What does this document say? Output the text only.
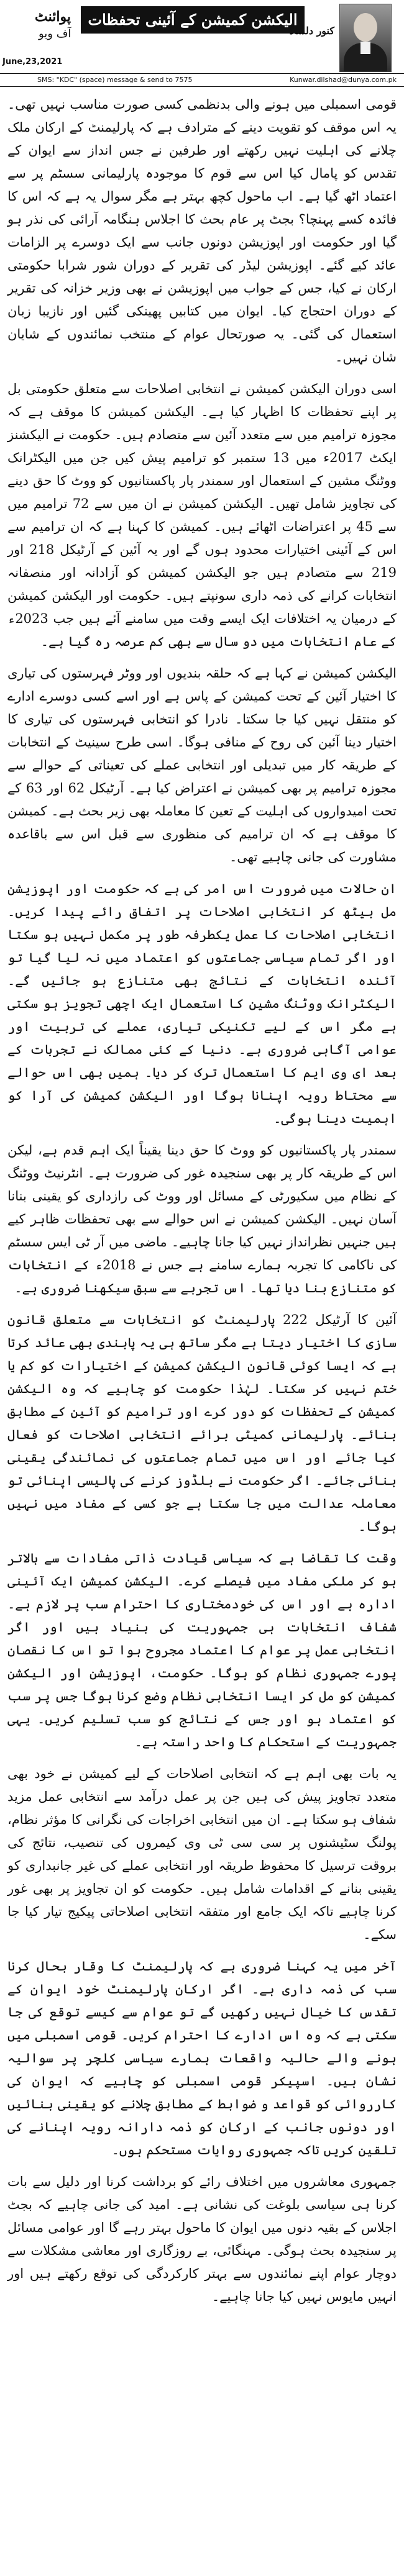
پوائنٹ
آف ویو
June,23,2021
الیکشن کمیشن کے آئینی تحفظات
کنور دلشاد
SMS: "KDC" (space) message & send to 7575	Kunwar.dilshad@dunya.com.pk

قومی اسمبلی میں ہونے والی بدنظمی کسی صورت مناسب نہیں تھی۔ یہ اس موقف کو تقویت دینے کے مترادف ہے کہ پارلیمنٹ کے ارکان ملک چلانے کی اہلیت نہیں رکھتے اور طرفین نے جس انداز سے ایوان کے تقدس کو پامال کیا اس سے قوم کا موجودہ پارلیمانی سسٹم پر سے اعتماد اٹھ گیا ہے۔ اب ماحول کچھ بہتر ہے مگر سوال یہ ہے کہ اس کا فائدہ کسے پہنچا؟ بجٹ پر عام بحث کا اجلاس ہنگامہ آرائی کی نذر ہو گیا اور حکومت اور اپوزیشن دونوں جانب سے ایک دوسرے پر الزامات عائد کیے گئے۔ اپوزیشن لیڈر کی تقریر کے دوران شور شرابا حکومتی ارکان نے کیا، جس کے جواب میں اپوزیشن نے بھی وزیر خزانہ کی تقریر کے دوران احتجاج کیا۔ ایوان میں کتابیں پھینکی گئیں اور نازیبا زبان استعمال کی گئی۔ یہ صورتحال عوام کے منتخب نمائندوں کے شایان شان نہیں۔

اسی دوران الیکشن کمیشن نے انتخابی اصلاحات سے متعلق حکومتی بل پر اپنے تحفظات کا اظہار کیا ہے۔ الیکشن کمیشن کا موقف ہے کہ مجوزہ ترامیم میں سے متعدد آئین سے متصادم ہیں۔ حکومت نے الیکشنز ایکٹ 2017ء میں 13 ستمبر کو ترامیم پیش کیں جن میں الیکٹرانک ووٹنگ مشین کے استعمال اور سمندر پار پاکستانیوں کو ووٹ کا حق دینے کی تجاویز شامل تھیں۔ الیکشن کمیشن نے ان میں سے 72 ترامیم میں سے 45 پر اعتراضات اٹھائے ہیں۔ کمیشن کا کہنا ہے کہ ان ترامیم سے اس کے آئینی اختیارات محدود ہوں گے اور یہ آئین کے آرٹیکل 218 اور 219 سے متصادم ہیں جو الیکشن کمیشن کو آزادانہ اور منصفانہ انتخابات کرانے کی ذمہ داری سونپتے ہیں۔ حکومت اور الیکشن کمیشن کے درمیان یہ اختلافات ایک ایسے وقت میں سامنے آئے ہیں جب 2023ء کے عام انتخابات میں دو سال سے بھی کم عرصہ رہ گیا ہے۔

الیکشن کمیشن نے کہا ہے کہ حلقہ بندیوں اور ووٹر فہرستوں کی تیاری کا اختیار آئین کے تحت کمیشن کے پاس ہے اور اسے کسی دوسرے ادارے کو منتقل نہیں کیا جا سکتا۔ نادرا کو انتخابی فہرستوں کی تیاری کا اختیار دینا آئین کی روح کے منافی ہوگا۔ اسی طرح سینیٹ کے انتخابات کے طریقہ کار میں تبدیلی اور انتخابی عملے کی تعیناتی کے حوالے سے مجوزہ ترامیم پر بھی کمیشن نے اعتراض کیا ہے۔ آرٹیکل 62 اور 63 کے تحت امیدواروں کی اہلیت کے تعین کا معاملہ بھی زیر بحث ہے۔ کمیشن کا موقف ہے کہ ان ترامیم کی منظوری سے قبل اس سے باقاعدہ مشاورت کی جانی چاہیے تھی۔

ان حالات میں ضرورت اس امر کی ہے کہ حکومت اور اپوزیشن مل بیٹھ کر انتخابی اصلاحات پر اتفاق رائے پیدا کریں۔ انتخابی اصلاحات کا عمل یکطرفہ طور پر مکمل نہیں ہو سکتا اور اگر تمام سیاسی جماعتوں کو اعتماد میں نہ لیا گیا تو آئندہ انتخابات کے نتائج بھی متنازع ہو جائیں گے۔ الیکٹرانک ووٹنگ مشین کا استعمال ایک اچھی تجویز ہو سکتی ہے مگر اس کے لیے تکنیکی تیاری، عملے کی تربیت اور عوامی آگاہی ضروری ہے۔ دنیا کے کئی ممالک نے تجربات کے بعد ای وی ایم کا استعمال ترک کر دیا۔ ہمیں بھی اس حوالے سے محتاط رویہ اپنانا ہوگا اور الیکشن کمیشن کی آرا کو اہمیت دینا ہوگی۔

سمندر پار پاکستانیوں کو ووٹ کا حق دینا یقیناً ایک اہم قدم ہے، لیکن اس کے طریقہ کار پر بھی سنجیدہ غور کی ضرورت ہے۔ انٹرنیٹ ووٹنگ کے نظام میں سکیورٹی کے مسائل اور ووٹ کی رازداری کو یقینی بنانا آسان نہیں۔ الیکشن کمیشن نے اس حوالے سے بھی تحفظات ظاہر کیے ہیں جنہیں نظرانداز نہیں کیا جانا چاہیے۔ ماضی میں آر ٹی ایس سسٹم کی ناکامی کا تجربہ ہمارے سامنے ہے جس نے 2018ء کے انتخابات کو متنازع بنا دیا تھا۔ اس تجربے سے سبق سیکھنا ضروری ہے۔

آئین کا آرٹیکل 222 پارلیمنٹ کو انتخابات سے متعلق قانون سازی کا اختیار دیتا ہے مگر ساتھ ہی یہ پابندی بھی عائد کرتا ہے کہ ایسا کوئی قانون الیکشن کمیشن کے اختیارات کو کم یا ختم نہیں کر سکتا۔ لہٰذا حکومت کو چاہیے کہ وہ الیکشن کمیشن کے تحفظات کو دور کرے اور ترامیم کو آئین کے مطابق بنائے۔ پارلیمانی کمیٹی برائے انتخابی اصلاحات کو فعال کیا جائے اور اس میں تمام جماعتوں کی نمائندگی یقینی بنائی جائے۔ اگر حکومت نے بلڈوز کرنے کی پالیسی اپنائی تو معاملہ عدالت میں جا سکتا ہے جو کسی کے مفاد میں نہیں ہوگا۔

وقت کا تقاضا ہے کہ سیاسی قیادت ذاتی مفادات سے بالاتر ہو کر ملکی مفاد میں فیصلے کرے۔ الیکشن کمیشن ایک آئینی ادارہ ہے اور اس کی خودمختاری کا احترام سب پر لازم ہے۔ شفاف انتخابات ہی جمہوریت کی بنیاد ہیں اور اگر انتخابی عمل پر عوام کا اعتماد مجروح ہوا تو اس کا نقصان پورے جمہوری نظام کو ہوگا۔ حکومت، اپوزیشن اور الیکشن کمیشن کو مل کر ایسا انتخابی نظام وضع کرنا ہوگا جس پر سب کو اعتماد ہو اور جس کے نتائج کو سب تسلیم کریں۔ یہی جمہوریت کے استحکام کا واحد راستہ ہے۔

یہ بات بھی اہم ہے کہ انتخابی اصلاحات کے لیے کمیشن نے خود بھی متعدد تجاویز پیش کی ہیں جن پر عمل درآمد سے انتخابی عمل مزید شفاف ہو سکتا ہے۔ ان میں انتخابی اخراجات کی نگرانی کا مؤثر نظام، پولنگ سٹیشنوں پر سی سی ٹی وی کیمروں کی تنصیب، نتائج کی بروقت ترسیل کا محفوظ طریقہ اور انتخابی عملے کی غیر جانبداری کو یقینی بنانے کے اقدامات شامل ہیں۔ حکومت کو ان تجاویز پر بھی غور کرنا چاہیے تاکہ ایک جامع اور متفقہ انتخابی اصلاحاتی پیکیج تیار کیا جا سکے۔

آخر میں یہ کہنا ضروری ہے کہ پارلیمنٹ کا وقار بحال کرنا سب کی ذمہ داری ہے۔ اگر ارکان پارلیمنٹ خود ایوان کے تقدس کا خیال نہیں رکھیں گے تو عوام سے کیسے توقع کی جا سکتی ہے کہ وہ اس ادارے کا احترام کریں۔ قومی اسمبلی میں ہونے والے حالیہ واقعات ہمارے سیاسی کلچر پر سوالیہ نشان ہیں۔ اسپیکر قومی اسمبلی کو چاہیے کہ ایوان کی کارروائی کو قواعد و ضوابط کے مطابق چلانے کو یقینی بنائیں اور دونوں جانب کے ارکان کو ذمہ دارانہ رویہ اپنانے کی تلقین کریں تاکہ جمہوری روایات مستحکم ہوں۔

جمہوری معاشروں میں اختلاف رائے کو برداشت کرنا اور دلیل سے بات کرنا ہی سیاسی بلوغت کی نشانی ہے۔ امید کی جانی چاہیے کہ بجٹ اجلاس کے بقیہ دنوں میں ایوان کا ماحول بہتر رہے گا اور عوامی مسائل پر سنجیدہ بحث ہوگی۔ مہنگائی، بے روزگاری اور معاشی مشکلات سے دوچار عوام اپنے نمائندوں سے بہتر کارکردگی کی توقع رکھتے ہیں اور انہیں مایوس نہیں کیا جانا چاہیے۔
